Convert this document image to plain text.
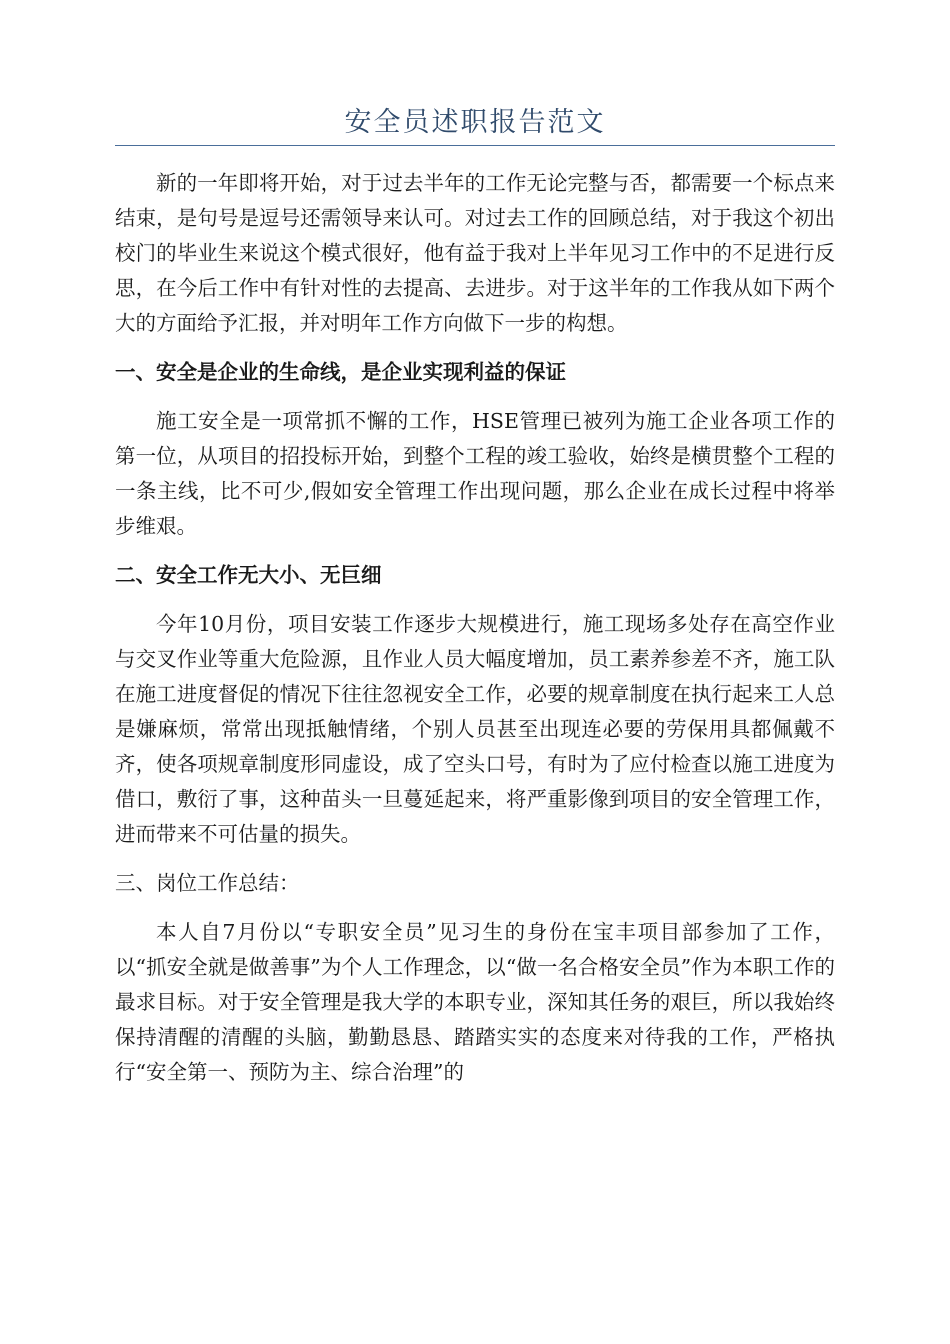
安全员述职报告范文

新的一年即将开始，对于过去半年的工作无论完整与否，都需要一个标点来结束，是句号是逗号还需领导来认可。对过去工作的回顾总结，对于我这个初出校门的毕业生来说这个模式很好，他有益于我对上半年见习工作中的不足进行反思，在今后工作中有针对性的去提高、去进步。对于这半年的工作我从如下两个大的方面给予汇报，并对明年工作方向做下一步的构想。

一、安全是企业的生命线，是企业实现利益的保证

施工安全是一项常抓不懈的工作，HSE管理已被列为施工企业各项工作的第一位，从项目的招投标开始，到整个工程的竣工验收，始终是横贯整个工程的一条主线，比不可少,假如安全管理工作出现问题，那么企业在成长过程中将举步维艰。

二、安全工作无大小、无巨细

今年10月份，项目安装工作逐步大规模进行，施工现场多处存在高空作业与交叉作业等重大危险源，且作业人员大幅度增加，员工素养参差不齐，施工队在施工进度督促的情况下往往忽视安全工作，必要的规章制度在执行起来工人总是嫌麻烦，常常出现抵触情绪，个别人员甚至出现连必要的劳保用具都佩戴不齐，使各项规章制度形同虚设，成了空头口号，有时为了应付检查以施工进度为借口，敷衍了事，这种苗头一旦蔓延起来，将严重影像到项目的安全管理工作，进而带来不可估量的损失。

三、岗位工作总结：

本人自7月份以“专职安全员”见习生的身份在宝丰项目部参加了工作，以“抓安全就是做善事”为个人工作理念，以“做一名合格安全员”作为本职工作的最求目标。对于安全管理是我大学的本职专业，深知其任务的艰巨，所以我始终保持清醒的清醒的头脑，勤勤恳恳、踏踏实实的态度来对待我的工作，严格执行“安全第一、预防为主、综合治理”的
